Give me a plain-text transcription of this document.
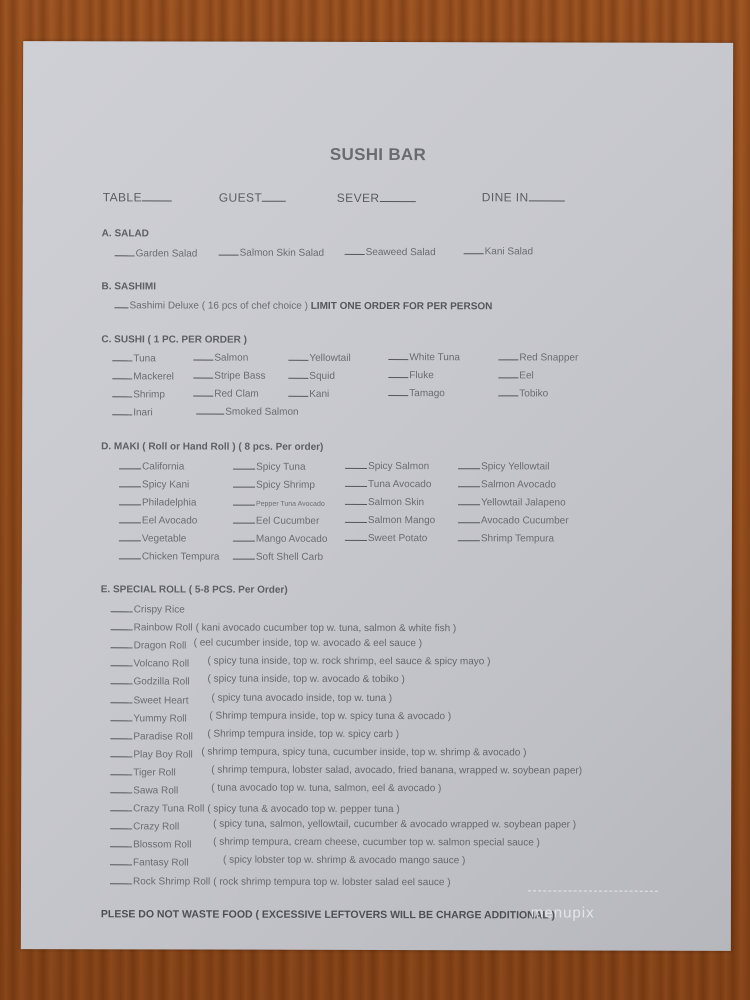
SUSHI BAR
TABLE	GUEST	SEVER	DINE IN
A. SALAD
Garden Salad	Salmon Skin Salad	Seaweed Salad	Kani Salad
B. SASHIMI
Sashimi Deluxe ( 16 pcs of chef choice ) LIMIT ONE ORDER FOR PER PERSON
C. SUSHI ( 1 PC. PER ORDER )
D. MAKI ( Roll or Hand Roll ) ( 8 pcs. Per order)
E. SPECIAL ROLL ( 5-8 PCS. Per Order)
PLESE DO NOT WASTE FOOD ( EXCESSIVE LEFTOVERS WILL BE CHARGE ADDITIONAL )
menupix
Tuna	Salmon	Yellowtail	White Tuna	Red Snapper
Mackerel	Stripe Bass	Squid	Fluke	Eel
Shrimp	Red Clam	Kani	Tamago	Tobiko
Inari	Smoked Salmon
California	Spicy Tuna	Spicy Salmon	Spicy Yellowtail
Spicy Kani	Spicy Shrimp	Tuna Avocado	Salmon Avocado
Philadelphia	Pepper Tuna Avocado	Salmon Skin	Yellowtail Jalapeno
Eel Avocado	Eel Cucumber	Salmon Mango	Avocado Cucumber
Vegetable	Mango Avocado	Sweet Potato	Shrimp Tempura
Chicken Tempura	Soft Shell Carb
Crispy Rice
Rainbow Roll ( kani avocado cucumber top w. tuna, salmon & white fish )
Dragon Roll ( eel cucumber inside, top w. avocado & eel sauce )
Volcano Roll ( spicy tuna inside, top w. rock shrimp, eel sauce & spicy mayo )
Godzilla Roll ( spicy tuna inside, top w. avocado & tobiko )
Sweet Heart ( spicy tuna avocado inside, top w. tuna )
Yummy Roll ( Shrimp tempura inside, top w. spicy tuna & avocado )
Paradise Roll ( Shrimp tempura inside, top w. spicy carb )
Play Boy Roll ( shrimp tempura, spicy tuna, cucumber inside, top w. shrimp & avocado )
Tiger Roll	( shrimp tempura, lobster salad, avocado, fried banana, wrapped w. soybean paper)
Sawa Roll	( tuna avocado top w. tuna, salmon, eel & avocado )
Crazy Tuna Roll ( spicy tuna & avocado top w. pepper tuna )
Crazy Roll	( spicy tuna, salmon, yellowtail, cucumber & avocado wrapped w. soybean paper )
Blossom Roll ( shrimp tempura, cream cheese, cucumber top w. salmon special sauce )
Fantasy Roll	( spicy lobster top w. shrimp & avocado mango sauce )
Rock Shrimp Roll ( rock shrimp tempura top w. lobster salad eel sauce )
